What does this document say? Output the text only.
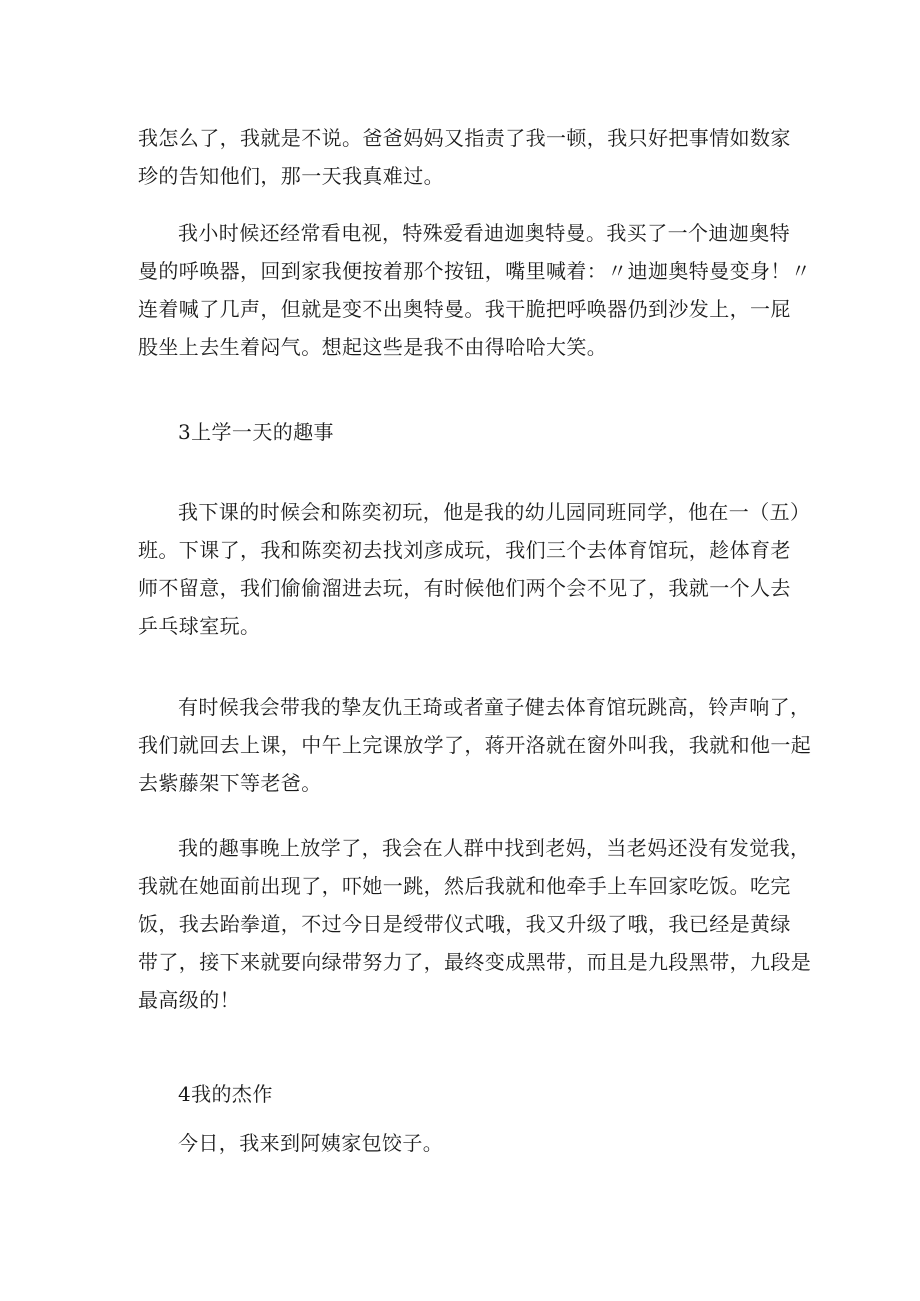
我怎么了，我就是不说。爸爸妈妈又指责了我一顿，我只好把事情如数家
珍的告知他们，那一天我真难过。
我小时候还经常看电视，特殊爱看迪迦奥特曼。我买了一个迪迦奥特
曼的呼唤器，回到家我便按着那个按钮，嘴里喊着：〃迪迦奥特曼变身！〃
连着喊了几声，但就是变不出奥特曼。我干脆把呼唤器仍到沙发上，一屁
股坐上去生着闷气。想起这些是我不由得哈哈大笑。
3上学一天的趣事
我下课的时候会和陈奕初玩，他是我的幼儿园同班同学，他在一（五）
班。下课了，我和陈奕初去找刘彦成玩，我们三个去体育馆玩，趁体育老
师不留意，我们偷偷溜进去玩，有时候他们两个会不见了，我就一个人去
乒乓球室玩。
有时候我会带我的挚友仇王琦或者童子健去体育馆玩跳高，铃声响了，
我们就回去上课，中午上完课放学了，蒋开洛就在窗外叫我，我就和他一起
去紫藤架下等老爸。
我的趣事晚上放学了，我会在人群中找到老妈，当老妈还没有发觉我，
我就在她面前出现了，吓她一跳，然后我就和他牵手上车回家吃饭。吃完
饭，我去跆拳道，不过今日是绶带仪式哦，我又升级了哦，我已经是黄绿
带了，接下来就要向绿带努力了，最终变成黑带，而且是九段黑带，九段是
最高级的！
4我的杰作
今日，我来到阿姨家包饺子。
